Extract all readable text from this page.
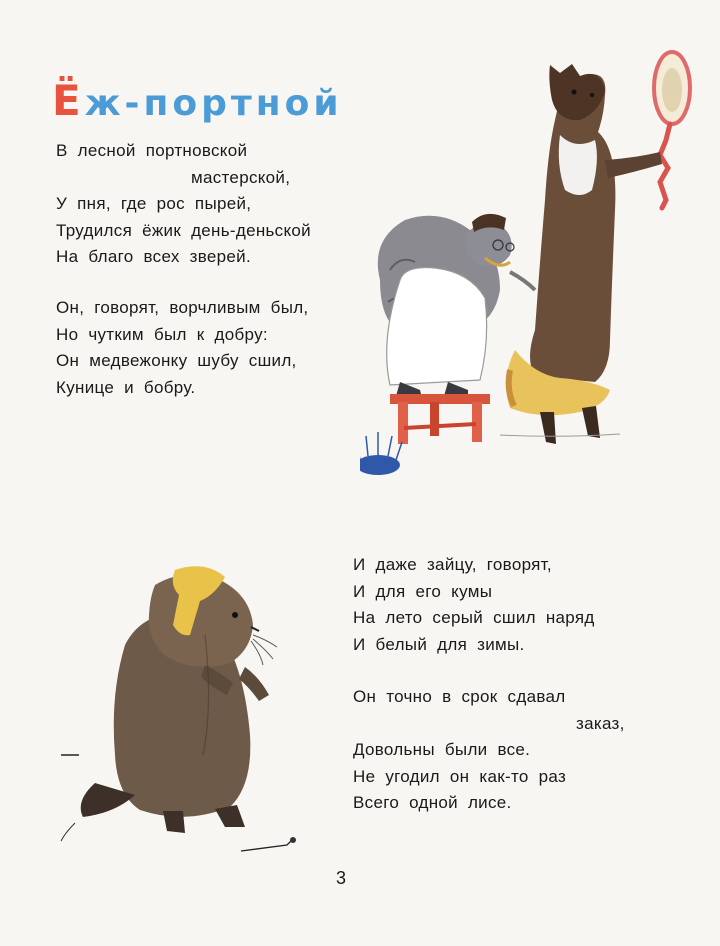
Ёж-портной
В лесной портновской
мастерской,
У пня, где рос пырей,
Трудился ёжик день-деньской
На благо всех зверей.
Он, говорят, ворчливым был,
Но чутким был к добру:
Он медвежонку шубу сшил,
Кунице и бобру.
И даже зайцу, говорят,
И для его кумы
На лето серый сшил наряд
И белый для зимы.
Он точно в срок сдавал
заказ,
Довольны были все.
Не угодил он как-то раз
Всего одной лисе.
3
